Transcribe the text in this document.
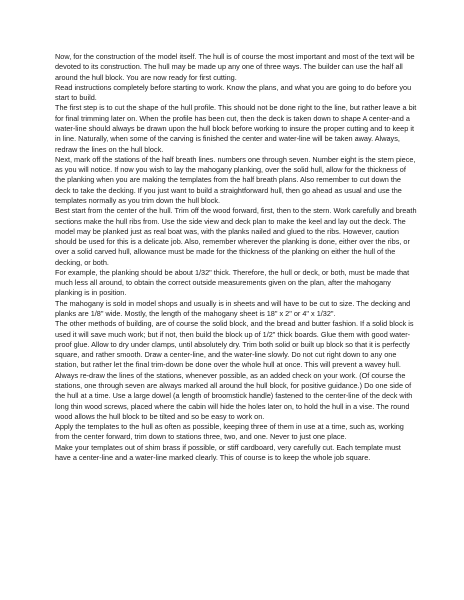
Now, for the construction of the model itself. The hull is of course the most important and most of the text will be devoted to its construction. The hull may be made up any one of three ways. The builder can use the half all around the hull block. You are now ready for first cutting.

Read instructions completely before starting to work. Know the plans, and what you are going to do before you start to build.

The first step is to cut the shape of the hull profile. This should not be done right to the line, but rather leave a bit for final trimming later on. When the profile has been cut, then the deck is taken down to shape A center-and a water-line should always be drawn upon the hull block before working to insure the proper cutting and to keep it in line. Naturally, when some of the carving is finished the center and water-line will be taken away. Always, redraw the lines on the hull block.

Next, mark off the stations of the half breath lines. numbers one through seven. Number eight is the stern piece, as you will notice. If now you wish to lay the mahogany planking, over the solid hull, allow for the thickness of the planking when you are making the templates from the half breath plans. Also remember to cut down the deck to take the decking. If you just want to build a straightforward hull, then go ahead as usual and use the templates normally as you trim down the hull block.

Best start from the center of the hull. Trim off the wood forward, first, then to the stern. Work carefully and breath sections make the hull ribs from. Use the side view and deck plan to make the keel and lay out the deck. The model may be planked just as real boat was, with the planks nailed and glued to the ribs. However, caution should be used for this is a delicate job. Also, remember wherever the planking is done, either over the ribs, or over a solid carved hull, allowance must be made for the thickness of the planking on either the hull of the decking, or both.

For example, the planking should be about 1/32" thick. Therefore, the hull or deck, or both, must be made that much less all around, to obtain the correct outside measurements given on the plan, after the mahogany planking is in position.

The mahogany is sold in model shops and usually is in sheets and will have to be cut to size. The decking and planks are 1/8" wide. Mostly, the length of the mahogany sheet is 18" x 2" or 4" x 1/32".

The other methods of building, are of course the solid block, and the bread and butter fashion. If a solid block is used it will save much work; but if not, then build the block up of 1/2" thick boards. Glue them with good water-proof glue. Allow to dry under clamps, until absolutely dry. Trim both solid or built up block so that it is perfectly square, and rather smooth. Draw a center-line, and the water-line slowly. Do not cut right down to any one station, but rather let the final trim-down be done over the whole hull at once. This will prevent a wavey hull. Always re-draw the lines of the stations, whenever possible, as an added check on your work. (Of course the stations, one through seven are always marked all around the hull block, for positive guidance.) Do one side of the hull at a time. Use a large dowel (a length of broomstick handle) fastened to the center-line of the deck with long thin wood screws, placed where the cabin will hide the holes later on, to hold the hull in a vise. The round wood allows the hull block to be tilted and so be easy to work on.

Apply the templates to the hull as often as possible, keeping three of them in use at a time, such as, working from the center forward, trim down to stations three, two, and one. Never to just one place.

Make your templates out of shim brass if possible, or stiff cardboard, very carefully cut. Each template must have a center-line and a water-line marked clearly. This of course is to keep the whole job square.
